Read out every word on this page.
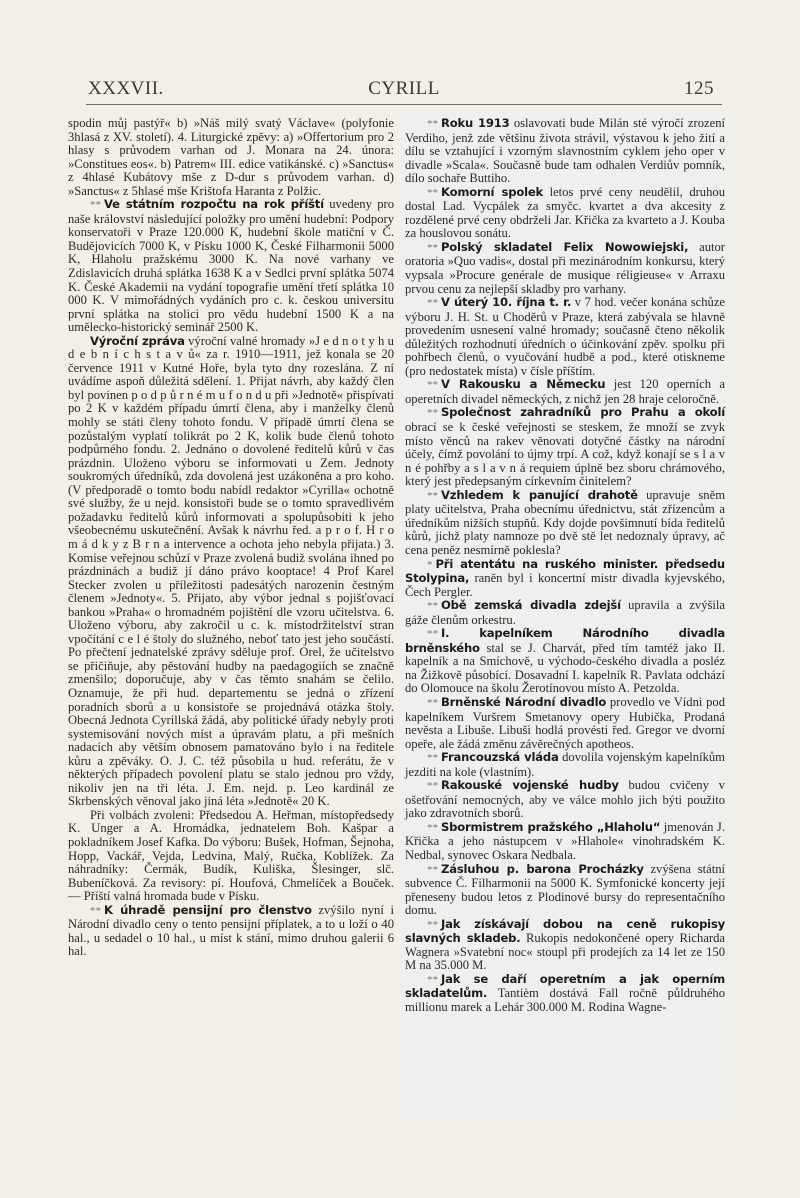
XXXVII.	CYRILL	125

spodin můj pastýř« b) »Náš milý svatý Václave« (polyfonie 3hlasá z XV. století). 4. Liturgické zpěvy: a) »Offertorium pro 2 hlasy s průvodem varhan od J. Monara na 24. února: »Constitues eos«. b) Patrem« III. edice vatikánské. c) »Sanctus« z 4hlasé Kubátovy mše z D-dur s průvodem varhan. d) »Sanctus« z 5hlasé mše Krištofa Haranta z Polžic.

** Ve státním rozpočtu na rok příští uvedeny pro naše království následující položky pro umění hudební: Podpory konservatoři v Praze 120.000 K, hudební škole matiční v Č. Budějovicích 7000 K, v Písku 1000 K, České Filharmonii 5000 K, Hlaholu pražskému 3000 K. Na nové varhany ve Zdislavicích druhá splátka 1638 K a v Sedlci první splátka 5074 K. České Akademii na vydání topografie umění třetí splátka 10 000 K. V mimořádných vydáních pro c. k. českou universitu první splátka na stolici pro vědu hudební 1500 K a na umělecko-historický seminář 2500 K.

Výroční zpráva výroční valné hromady »J e d n o t y h u d e b n í c h s t a v ů« za r. 1910—1911, jež konala se 20 července 1911 v Kutné Hoře, byla tyto dny rozeslána. Z ní uvádíme aspoň důležitá sdělení. 1. Přijat návrh, aby každý člen byl povinen p o d p ů r n é m u f o n d u při »Jednotě« přispívati po 2 K v každém případu úmrtí člena, aby i manželky členů mohly se státi členy tohoto fondu. V případě úmrtí člena se pozůstalým vyplatí tolikrát po 2 K, kolik bude členů tohoto podpůrného fondu. 2. Jednáno o dovolené ředitelů kůrů v čas prázdnin. Uloženo výboru se informovati u Zem. Jednoty soukromých úředníků, zda dovolená jest uzákoněna a pro koho. (V předporadě o tomto bodu nabídl redaktor »Cyrilla« ochotně své služby, že u nejd. konsistoři bude se o tomto spravedlivém požadavku ředitelů kůrů informovati a spolupůsobiti k jeho všeobecnému uskutečnění. Avšak k návrhu řed. a p r o f. H r o m á d k y z B r n a intervence a ochota jeho nebyla přijata.) 3. Komise veřejnou schůzí v Praze zvolená budiž svolána ihned po prázdninách a budiž jí dáno právo kooptace! 4 Prof Karel Stecker zvolen u příležitosti padesátých narozenin čestným členem »Jednoty«. 5. Přijato, aby výbor jednal s pojišťovací bankou »Praha« o hromadném pojištění dle vzoru učitelstva. 6. Uloženo výboru, aby zakročil u c. k. místodržitelství stran vpočítání c e l é štoly do služného, neboť tato jest jeho součástí. Po přečtení jednatelské zprávy sděluje prof. Orel, že učitelstvo se přičiňuje, aby pěstování hudby na paedagogiích se značně zmenšilo; doporučuje, aby v čas těmto snahám se čelilo. Oznamuje, že při hud. departementu se jedná o zřízení poradních sborů a u konsistoře se projednává otázka štoly. Obecná Jednota Cyrillská žádá, aby politické úřady nebyly proti systemisování nových míst a úpravám platu, a při mešních nadacích aby větším obnosem pamatováno bylo i na ředitele kůru a zpěváky. O. J. C. též působila u hud. referátu, že v některých případech povolení platu se stalo jednou pro vždy, nikoliv jen na tři léta. J. Em. nejd. p. Leo kardinál ze Skrbenských věnoval jako jiná léta »Jednotě« 20 K.

Při volbách zvoleni: Předsedou A. Heřman, místopředsedy K. Unger a A. Hromádka, jednatelem Boh. Kašpar a pokladníkem Josef Kafka. Do výboru: Bušek, Hofman, Šejnoha, Hopp, Vackář, Vejda, Ledvina, Malý, Ručka, Koblížek. Za náhradníky: Čermák, Budík, Kuliška, Šlesinger, slč. Bubeníčková. Za revisory: pí. Houfová, Chmelíček a Bouček. — Příští valná hromada bude v Písku.

** K úhradě pensijní pro členstvo zvýšilo nyní i Národní divadlo ceny o tento pensijní příplatek, a to u loží o 40 hal., u sedadel o 10 hal., u míst k stání, mimo druhou galerii 6 hal.

** Roku 1913 oslavovati bude Milán sté výročí zrození Verdiho, jenž zde většinu života strávil, výstavou k jeho žití a dílu se vztahující i vzorným slavnostním cyklem jeho oper v divadle »Scala«. Současně bude tam odhalen Verdiův pomník, dílo sochaře Buttiho.

** Komorní spolek letos prvé ceny neudělil, druhou dostal Lad. Vycpálek za smyčc. kvartet a dva akcesity z rozdělené prvé ceny obdrželi Jar. Křička za kvarteto a J. Kouba za houslovou sonátu.

** Polský skladatel Felix Nowowiejski, autor oratoria »Quo vadis«, dostal při mezinárodním konkursu, který vypsala »Procure genérale de musique réligieuse« v Arraxu prvou cenu za nejlepší skladby pro varhany.

** V úterý 10. října t. r. v 7 hod. večer konána schůze výboru J. H. St. u Choděrů v Praze, která zabývala se hlavně provedením usnesení valné hromady; současně čteno několik důležitých rozhodnutí úředních o účinkování zpěv. spolku při pohřbech členů, o vyučování hudbě a pod., které otiskneme (pro nedostatek místa) v čísle příštím.

** V Rakousku a Německu jest 120 operních a operetních divadel německých, z nichž jen 28 hraje celoročně.

** Společnost zahradníků pro Prahu a okolí obrací se k české veřejnosti se steskem, že množí se zvyk místo věnců na rakev věnovati dotyčné částky na národní účely, čímž povolání to újmy trpí. A což, když konají se s l a v n é pohřby a s l a v n á requiem úplně bez sboru chrámového, který jest předepsaným církevním činitelem?

** Vzhledem k panující drahotě upravuje sněm platy učitelstva, Praha obecnímu úřednictvu, stát zřízencům a úředníkům nižších stupňů. Kdy dojde povšimnutí bída ředitelů kůrů, jichž platy namnoze po dvě stě let nedoznaly úpravy, ač cena peněz nesmírně poklesla?

* Při atentátu na ruského minister. předsedu Stolypina, raněn byl i koncertní mistr divadla kyjevského, Čech Pergler.

** Obě zemská divadla zdejší upravila a zvýšila gáže členům orkestru.

** I. kapelníkem Národního divadla brněnského stal se J. Charvát, před tím tamtéž jako II. kapelník a na Smíchově, u východo-českého divadla a posléz na Žižkově působící. Dosavadní I. kapelník R. Pavlata odchází do Olomouce na školu Žerotínovou místo A. Petzolda.

** Brněnské Národní divadlo provedlo ve Vídni pod kapelníkem Vuršrem Smetanovy opery Hubička, Prodaná nevěsta a Libuše. Libuši hodlá provésti řed. Gregor ve dvorní opeře, ale žádá změnu závěrečných apotheos.

** Francouzská vláda dovolila vojenským kapelníkům jezditi na kole (vlastním).

** Rakouské vojenské hudby budou cvičeny v ošetřování nemocných, aby ve válce mohlo jich býti použito jako zdravotních sborů.

** Sbormistrem pražského „Hlaholu“ jmenován J. Křička a jeho nástupcem v »Hlahole« vinohradském K. Nedbal, synovec Oskara Nedbala.

** Zásluhou p. barona Procházky zvýšena státní subvence Č. Filharmonii na 5000 K. Symfonické koncerty její přeneseny budou letos z Plodinové bursy do representačního domu.

** Jak získávají dobou na ceně rukopisy slavných skladeb. Rukopis nedokončené opery Richarda Wagnera »Svatební noc« stoupl při prodejích za 14 let ze 150 M na 35.000 M.

** Jak se daří operetním a jak operním skladatelům. Tantièm dostává Fall ročně půldruhého millionu marek a Lehár 300.000 M. Rodina Wagne-
